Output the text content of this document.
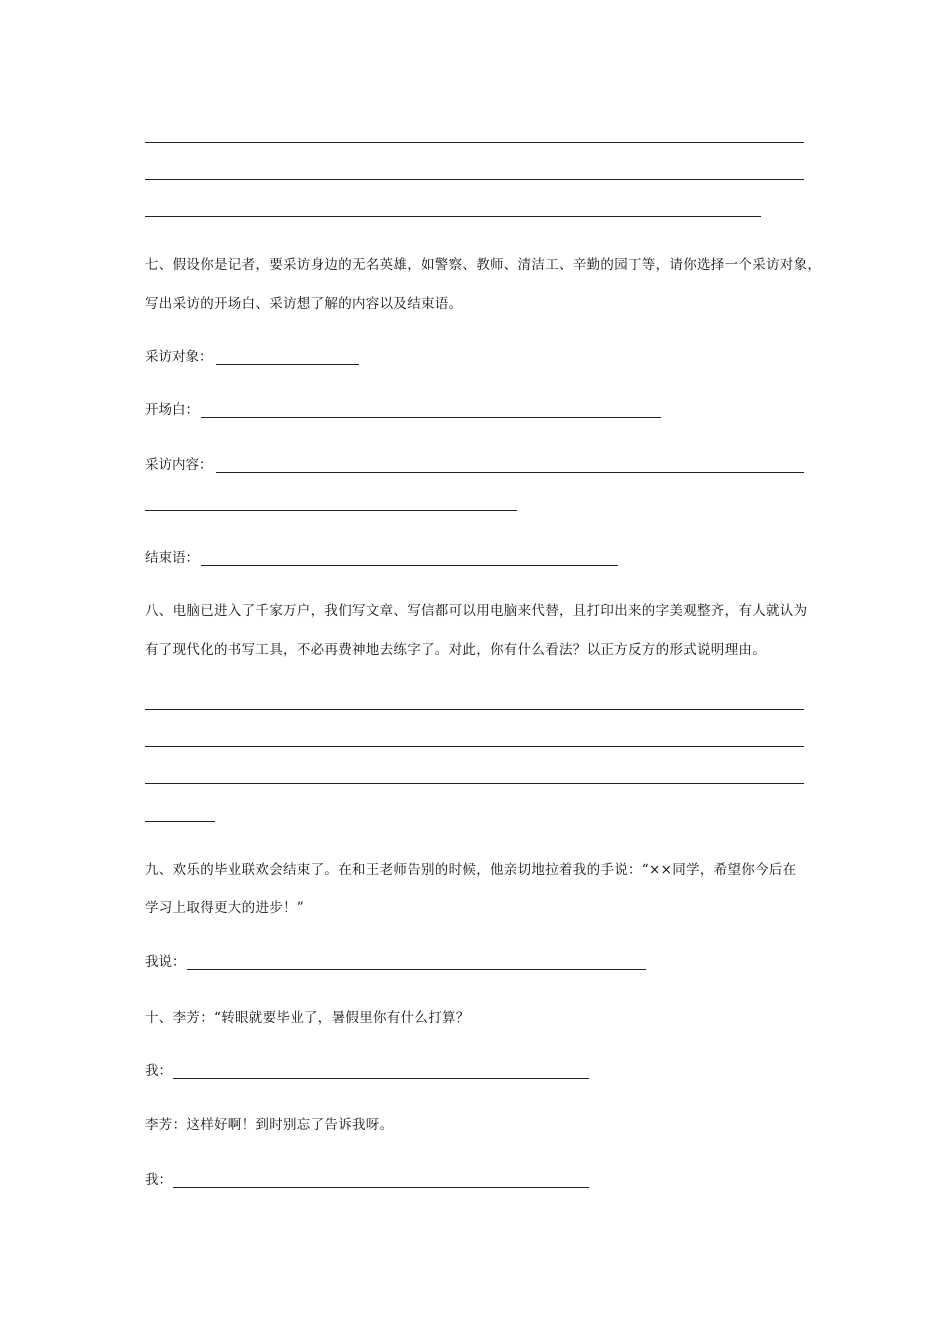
七、假设你是记者，要采访身边的无名英雄，如警察、教师、清洁工、辛勤的园丁等，请你选择一个采访对象，
写出采访的开场白、采访想了解的内容以及结束语。
采访对象：
开场白：
采访内容：
结束语：
八、电脑已进入了千家万户，我们写文章、写信都可以用电脑来代替，且打印出来的字美观整齐，有人就认为
有了现代化的书写工具，不必再费神地去练字了。对此，你有什么看法？以正方反方的形式说明理由。
九、欢乐的毕业联欢会结束了。在和王老师告别的时候，他亲切地拉着我的手说：“××同学，希望你今后在
学习上取得更大的进步！”
我说：
十、李芳：“转眼就要毕业了，暑假里你有什么打算？
我：
李芳：这样好啊！到时别忘了告诉我呀。
我：
